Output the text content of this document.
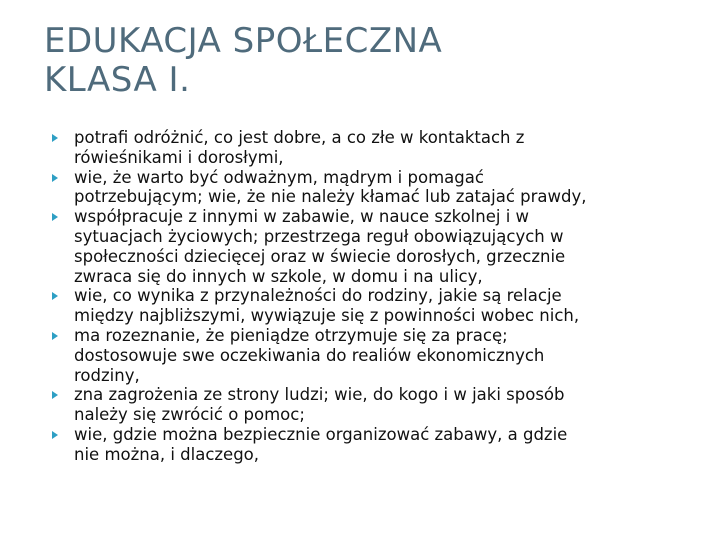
EDUKACJA SPOŁECZNA
KLASA I.
potrafi odróżnić, co jest dobre, a co złe w kontaktach z
rówieśnikami i dorosłymi,
wie, że warto być odważnym, mądrym i pomagać
potrzebującym; wie, że nie należy kłamać lub zatajać prawdy,
współpracuje z innymi w zabawie, w nauce szkolnej i w
sytuacjach życiowych; przestrzega reguł obowiązujących w
społeczności dziecięcej oraz w świecie dorosłych, grzecznie
zwraca się do innych w szkole, w domu i na ulicy,
wie, co wynika z przynależności do rodziny, jakie są relacje
między najbliższymi, wywiązuje się z powinności wobec nich,
ma rozeznanie, że pieniądze otrzymuje się za pracę;
dostosowuje swe oczekiwania do realiów ekonomicznych
rodziny,
zna zagrożenia ze strony ludzi; wie, do kogo i w jaki sposób
należy się zwrócić o pomoc;
wie, gdzie można bezpiecznie organizować zabawy, a gdzie
nie można, i dlaczego,
